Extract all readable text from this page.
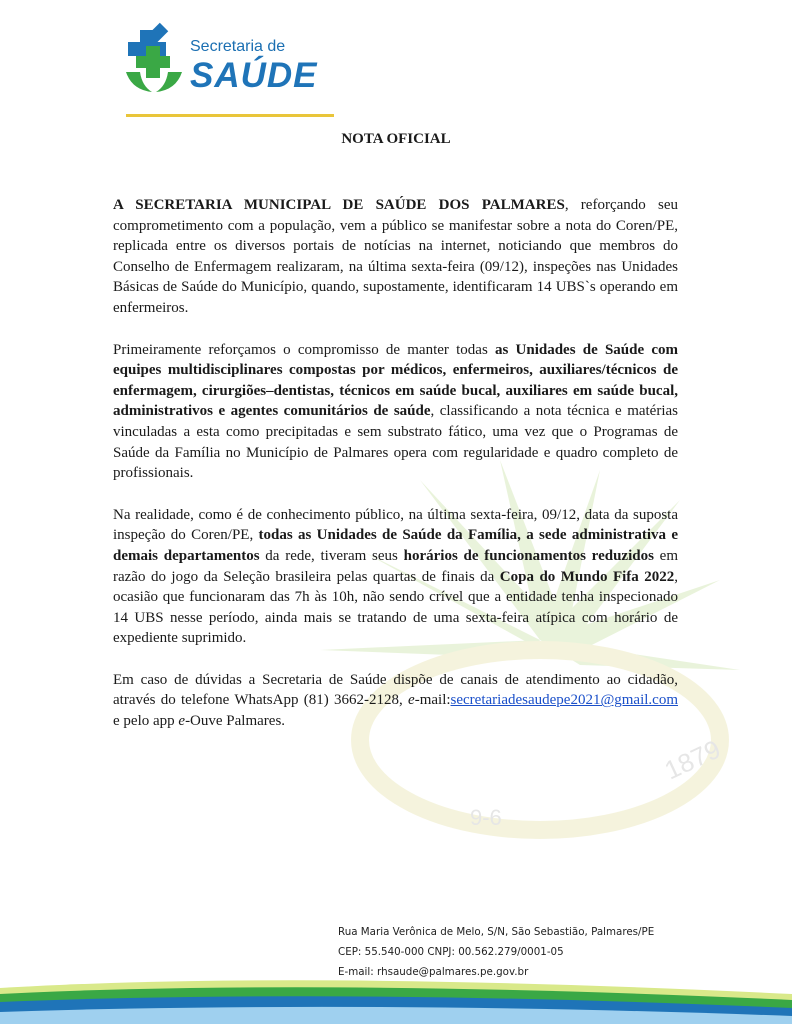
1879
9-6
Secretaria de
SAÚDE
NOTA OFICIAL

A SECRETARIA MUNICIPAL DE SAÚDE DOS PALMARES, reforçando seu comprometimento com a população, vem a público se manifestar sobre a nota do Coren/PE, replicada entre os diversos portais de notícias na internet, noticiando que membros do Conselho de Enfermagem realizaram, na última sexta-feira (09/12), inspeções nas Unidades Básicas de Saúde do Município, quando, supostamente, identificaram 14 UBS`s operando em enfermeiros.

Primeiramente reforçamos o compromisso de manter todas as Unidades de Saúde com equipes multidisciplinares compostas por médicos, enfermeiros, auxiliares/técnicos de enfermagem, cirurgiões–dentistas, técnicos em saúde bucal, auxiliares em saúde bucal, administrativos e agentes comunitários de saúde, classificando a nota técnica e matérias vinculadas a esta como precipitadas e sem substrato fático, uma vez que o Programas de Saúde da Família no Município de Palmares opera com regularidade e quadro completo de profissionais.

Na realidade, como é de conhecimento público, na última sexta-feira, 09/12, data da suposta inspeção do Coren/PE, todas as Unidades de Saúde da Família, a sede administrativa e demais departamentos da rede, tiveram seus horários de funcionamentos reduzidos em razão do jogo da Seleção brasileira pelas quartas de finais da Copa do Mundo Fifa 2022, ocasião que funcionaram das 7h às 10h, não sendo crível que a entidade tenha inspecionado 14 UBS nesse período, ainda mais se tratando de uma sexta-feira atípica com horário de expediente suprimido.

Em caso de dúvidas a Secretaria de Saúde dispõe de canais de atendimento ao cidadão, através do telefone WhatsApp (81) 3662-2128, e-mail:secretariadesaudepe2021@gmail.com e pelo app e-Ouve Palmares.

Rua Maria Verônica de Melo, S/N, São Sebastião, Palmares/PE
CEP: 55.540-000 CNPJ: 00.562.279/0001-05
E-mail: rhsaude@palmares.pe.gov.br
